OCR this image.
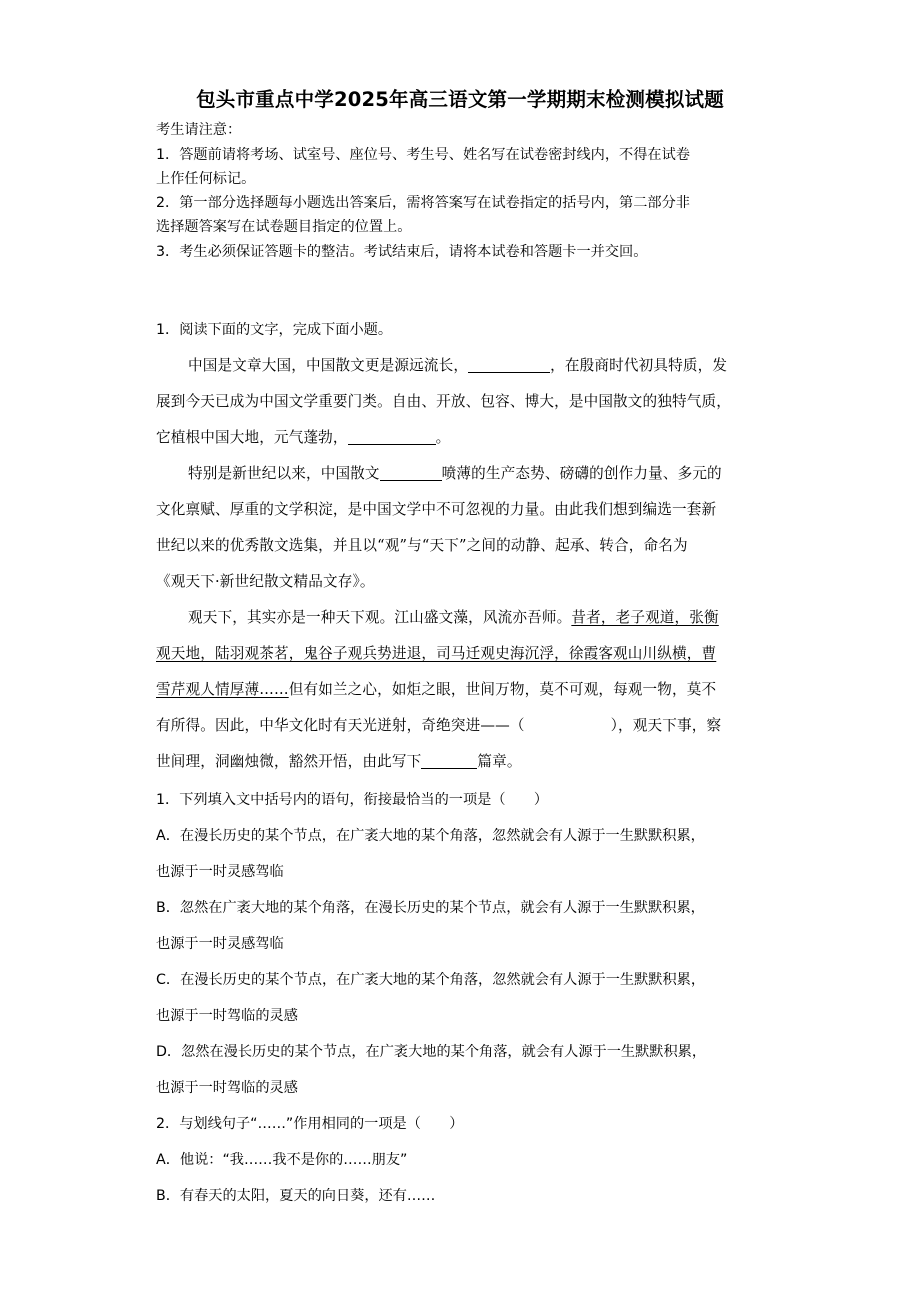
包头市重点中学2025年高三语文第一学期期末检测模拟试题
考生请注意：
1．答题前请将考场、试室号、座位号、考生号、姓名写在试卷密封线内，不得在试卷
上作任何标记。
2．第一部分选择题每小题选出答案后，需将答案写在试卷指定的括号内，第二部分非
选择题答案写在试卷题目指定的位置上。
3．考生必须保证答题卡的整洁。考试结束后，请将本试卷和答题卡一并交回。
1．阅读下面的文字，完成下面小题。
中国是文章大国，中国散文更是源远流长，	，在殷商时代初具特质，发
展到今天已成为中国文学重要门类。自由、开放、包容、博大，是中国散文的独特气质，
它植根中国大地，元气蓬勃，	。
特别是新世纪以来，中国散文	喷薄的生产态势、磅礴的创作力量、多元的
文化禀赋、厚重的文学积淀，是中国文学中不可忽视的力量。由此我们想到编选一套新
世纪以来的优秀散文选集，并且以“观”与“天下”之间的动静、起承、转合，命名为
《观天下·新世纪散文精品文存》。
观天下，其实亦是一种天下观。江山盛文藻，风流亦吾师。昔者，老子观道，张衡
观天地，陆羽观茶茗，鬼谷子观兵势进退，司马迁观史海沉浮，徐霞客观山川纵横，曹
雪芹观人情厚薄……但有如兰之心，如炬之眼，世间万物，莫不可观，每观一物，莫不
有所得。因此，中华文化时有天光迸射，奇绝突进——（	），观天下事，察
世间理，洞幽烛微，豁然开悟，由此写下	篇章。
1．下列填入文中括号内的语句，衔接最恰当的一项是（　　）
A．在漫长历史的某个节点，在广袤大地的某个角落，忽然就会有人源于一生默默积累，
也源于一时灵感驾临
B．忽然在广袤大地的某个角落，在漫长历史的某个节点，就会有人源于一生默默积累，
也源于一时灵感驾临
C．在漫长历史的某个节点，在广袤大地的某个角落，忽然就会有人源于一生默默积累，
也源于一时驾临的灵感
D．忽然在漫长历史的某个节点，在广袤大地的某个角落，就会有人源于一生默默积累，
也源于一时驾临的灵感
2．与划线句子“……”作用相同的一项是（　　）
A．他说：“我……我不是你的……朋友”
B．有春天的太阳，夏天的向日葵，还有……
